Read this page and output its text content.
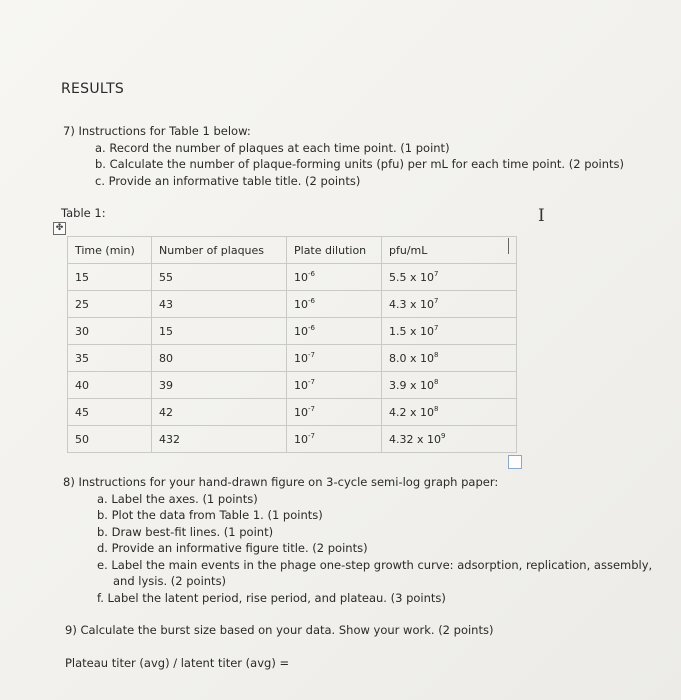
RESULTS
7) Instructions for Table 1 below:
a. Record the number of plaques at each time point. (1 point)
b. Calculate the number of plaque-forming units (pfu) per mL for each time point. (2 points)
c. Provide an informative table title. (2 points)
Table 1:
✤
I
Time (min)	Number of plaques	Plate dilution	pfu/mL
15	55	$10^{-6}$	5.5 x $10^7$
25	43	$10^{-6}$	4.3 x $10^7$
30	15	$10^{-6}$	1.5 x $10^7$
35	80	$10^{-7}$	8.0 x $10^8$
40	39	$10^{-7}$	3.9 x $10^8$
45	42	$10^{-7}$	4.2 x $10^8$
50	432	$10^{-7}$	4.32 x $10^9$
8) Instructions for your hand-drawn figure on 3-cycle semi-log graph paper:
a. Label the axes. (1 points)
b. Plot the data from Table 1. (1 points)
b. Draw best-fit lines. (1 point)
d. Provide an informative figure title. (2 points)
e. Label the main events in the phage one-step growth curve: adsorption, replication, assembly,
and lysis. (2 points)
f. Label the latent period, rise period, and plateau. (3 points)
9) Calculate the burst size based on your data. Show your work. (2 points)
Plateau titer (avg) / latent titer (avg) =
